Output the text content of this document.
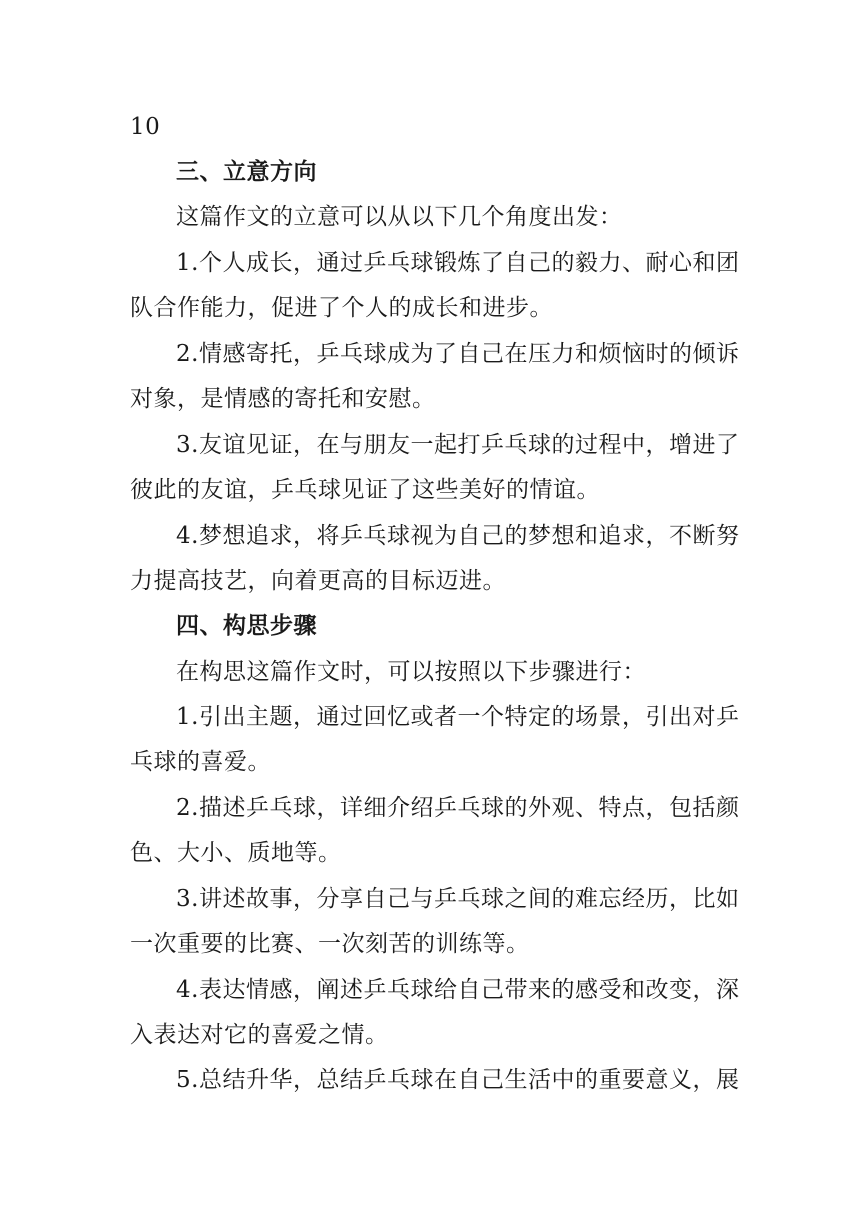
10
三、立意方向
这篇作文的立意可以从以下几个角度出发：
1.个人成长，通过乒乓球锻炼了自己的毅力、耐心和团
队合作能力，促进了个人的成长和进步。
2.情感寄托，乒乓球成为了自己在压力和烦恼时的倾诉
对象，是情感的寄托和安慰。
3.友谊见证，在与朋友一起打乒乓球的过程中，增进了
彼此的友谊，乒乓球见证了这些美好的情谊。
4.梦想追求，将乒乓球视为自己的梦想和追求，不断努
力提高技艺，向着更高的目标迈进。
四、构思步骤
在构思这篇作文时，可以按照以下步骤进行：
1.引出主题，通过回忆或者一个特定的场景，引出对乒
乓球的喜爱。
2.描述乒乓球，详细介绍乒乓球的外观、特点，包括颜
色、大小、质地等。
3.讲述故事，分享自己与乒乓球之间的难忘经历，比如
一次重要的比赛、一次刻苦的训练等。
4.表达情感，阐述乒乓球给自己带来的感受和改变，深
入表达对它的喜爱之情。
5.总结升华，总结乒乓球在自己生活中的重要意义，展
